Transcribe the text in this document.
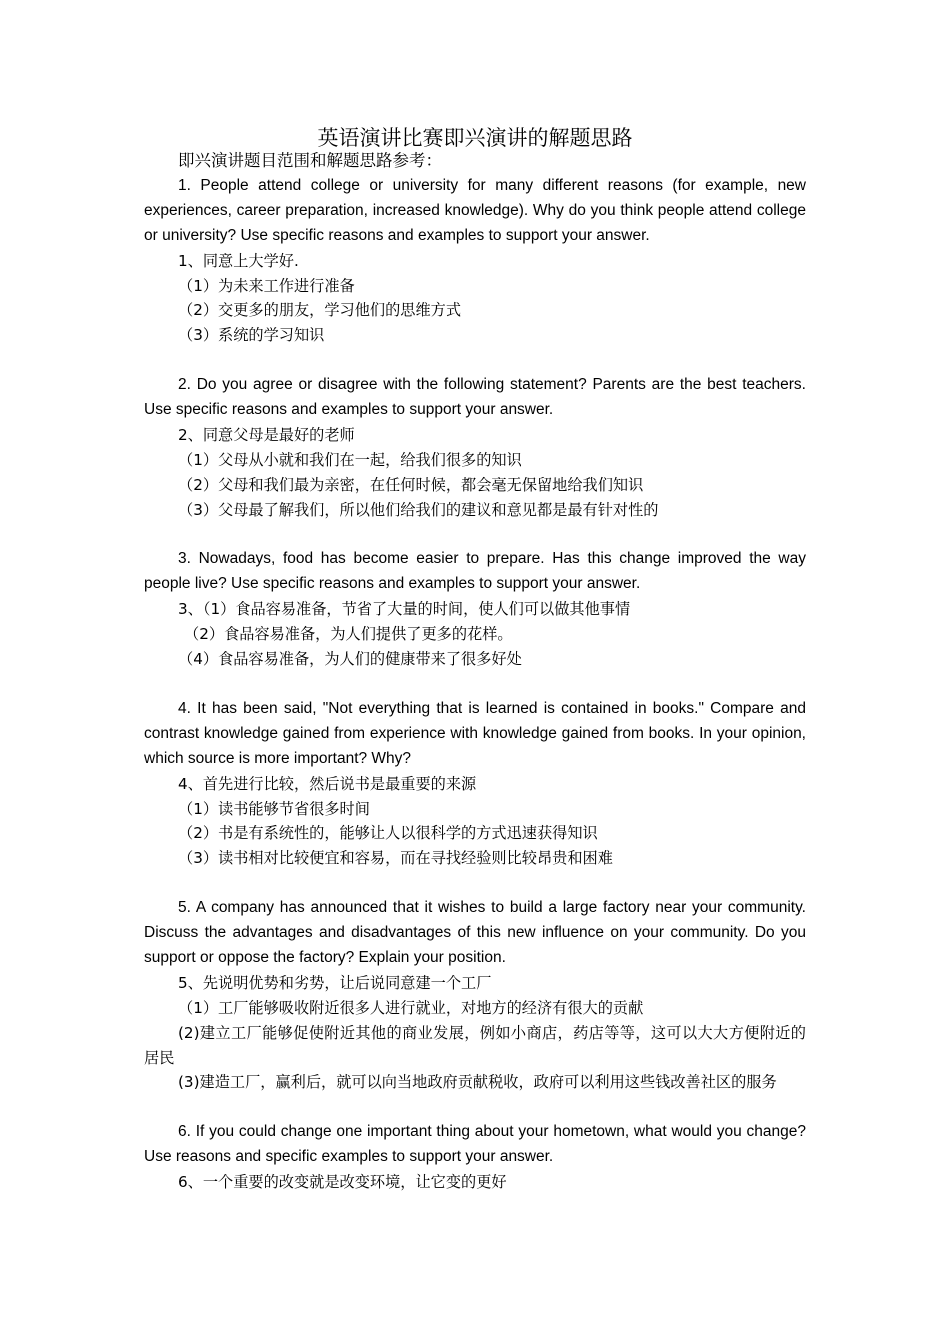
英语演讲比赛即兴演讲的解题思路

即兴演讲题目范围和解题思路参考：

1. People attend college or university for many different reasons (for example, new experiences, career preparation, increased knowledge). Why do you think people attend college or university? Use specific reasons and examples to support your answer.

1、同意上大学好.

（1）为未来工作进行准备

（2）交更多的朋友，学习他们的思维方式

（3）系统的学习知识

2. Do you agree or disagree with the following statement? Parents are the best teachers. Use specific reasons and examples to support your answer.

2、同意父母是最好的老师

（1）父母从小就和我们在一起，给我们很多的知识

（2）父母和我们最为亲密，在任何时候，都会毫无保留地给我们知识

（3）父母最了解我们，所以他们给我们的建议和意见都是最有针对性的

3. Nowadays, food has become easier to prepare. Has this change improved the way people live? Use specific reasons and examples to support your answer.

3、（1）食品容易准备，节省了大量的时间，使人们可以做其他事情

（2）食品容易准备，为人们提供了更多的花样。

（4）食品容易准备，为人们的健康带来了很多好处

4. It has been said, "Not everything that is learned is contained in books." Compare and contrast knowledge gained from experience with knowledge gained from books. In your opinion, which source is more important? Why?

4、首先进行比较，然后说书是最重要的来源

（1）读书能够节省很多时间

（2）书是有系统性的，能够让人以很科学的方式迅速获得知识

（3）读书相对比较便宜和容易，而在寻找经验则比较昂贵和困难

5. A company has announced that it wishes to build a large factory near your community. Discuss the advantages and disadvantages of this new influence on your community. Do you support or oppose the factory? Explain your position.

5、先说明优势和劣势，让后说同意建一个工厂

（1）工厂能够吸收附近很多人进行就业，对地方的经济有很大的贡献

(2)建立工厂能够促使附近其他的商业发展，例如小商店，药店等等，这可以大大方便附近的居民

(3)建造工厂，赢利后，就可以向当地政府贡献税收，政府可以利用这些钱改善社区的服务

6. If you could change one important thing about your hometown, what would you change? Use reasons and specific examples to support your answer.

6、一个重要的改变就是改变环境，让它变的更好
